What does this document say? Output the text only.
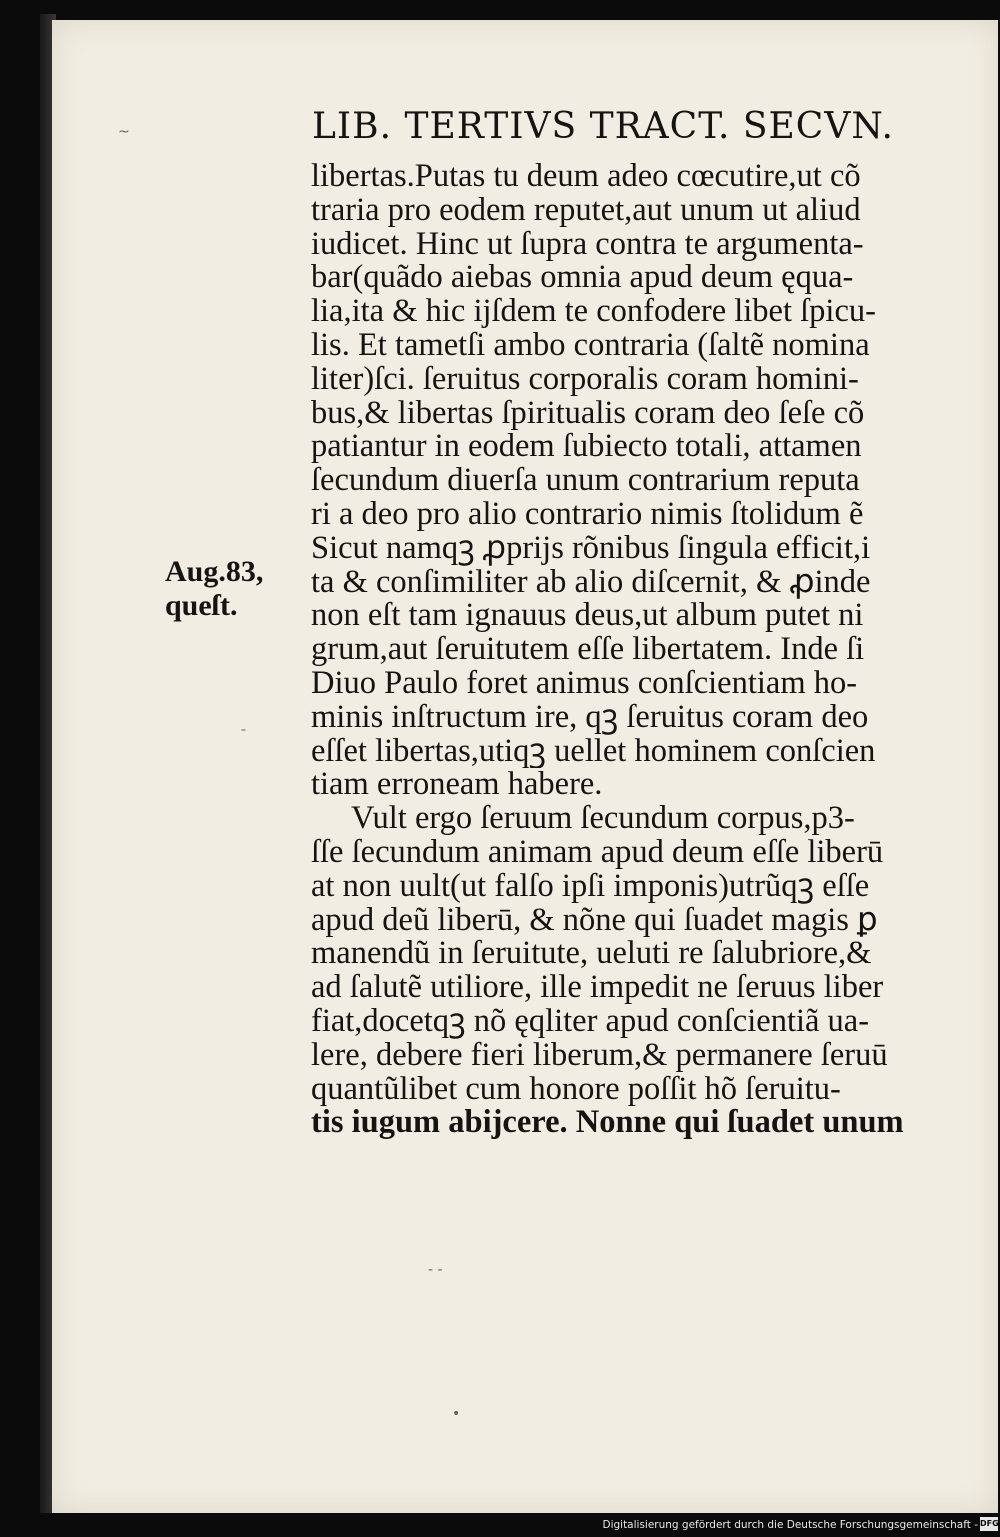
~
ˉ
- -
•
LIB. TERTIVS TRACT. SECVN.
Aug.83,
queſt.
libertas.Putas tu deum adeo cœcutire,ut cõ
traria pro eodem reputet,aut unum ut aliud
iudicet. Hinc ut ſupra contra te argumenta-
bar(quãdo aiebas omnia apud deum ęqua-
lia,ita & hic ijſdem te confodere libet ſpicu-
lis. Et tametſi ambo contraria (ſaltẽ nomina
liter)ſci. ſeruitus corporalis coram homini-
bus,& libertas ſpiritualis coram deo ſeſe cõ
patiantur in eodem ſubiecto totali, attamen
ſecundum diuerſa unum contrarium reputa
ri a deo pro alio contrario nimis ſtolidum ẽ
Sicut namqꝫ ꝓprijs rõnibus ſingula efficit,i
ta & conſimiliter ab alio diſcernit, & ꝓinde
non eſt tam ignauus deus,ut album putet ni
grum,aut ſeruitutem eſſe libertatem. Inde ſi
Diuo Paulo foret animus conſcientiam ho-
minis inſtructum ire, qꝫ ſeruitus coram deo
eſſet libertas,utiqꝫ uellet hominem conſcien
tiam erroneam habere.
Vult ergo ſeruum ſecundum corpus,p3-
ſſe ſecundum animam apud deum eſſe liberū
at non uult(ut falſo ipſi imponis)utrũqꝫ eſſe
apud deũ liberū, & nõne qui ſuadet magis ꝑ
manendũ in ſeruitute, ueluti re ſalubriore,&
ad ſalutẽ utiliore, ille impedit ne ſeruus liber
fiat,docetqꝫ nõ ęqliter apud conſcientiã ua-
lere, debere fieri liberum,& permanere ſeruū
quantũlibet cum honore poſſit hõ ſeruitu-
tis iugum abijcere. Nonne qui ſuadet unum
Digitalisierung gefördert durch die Deutsche Forschungsgemeinschaft - DFG
